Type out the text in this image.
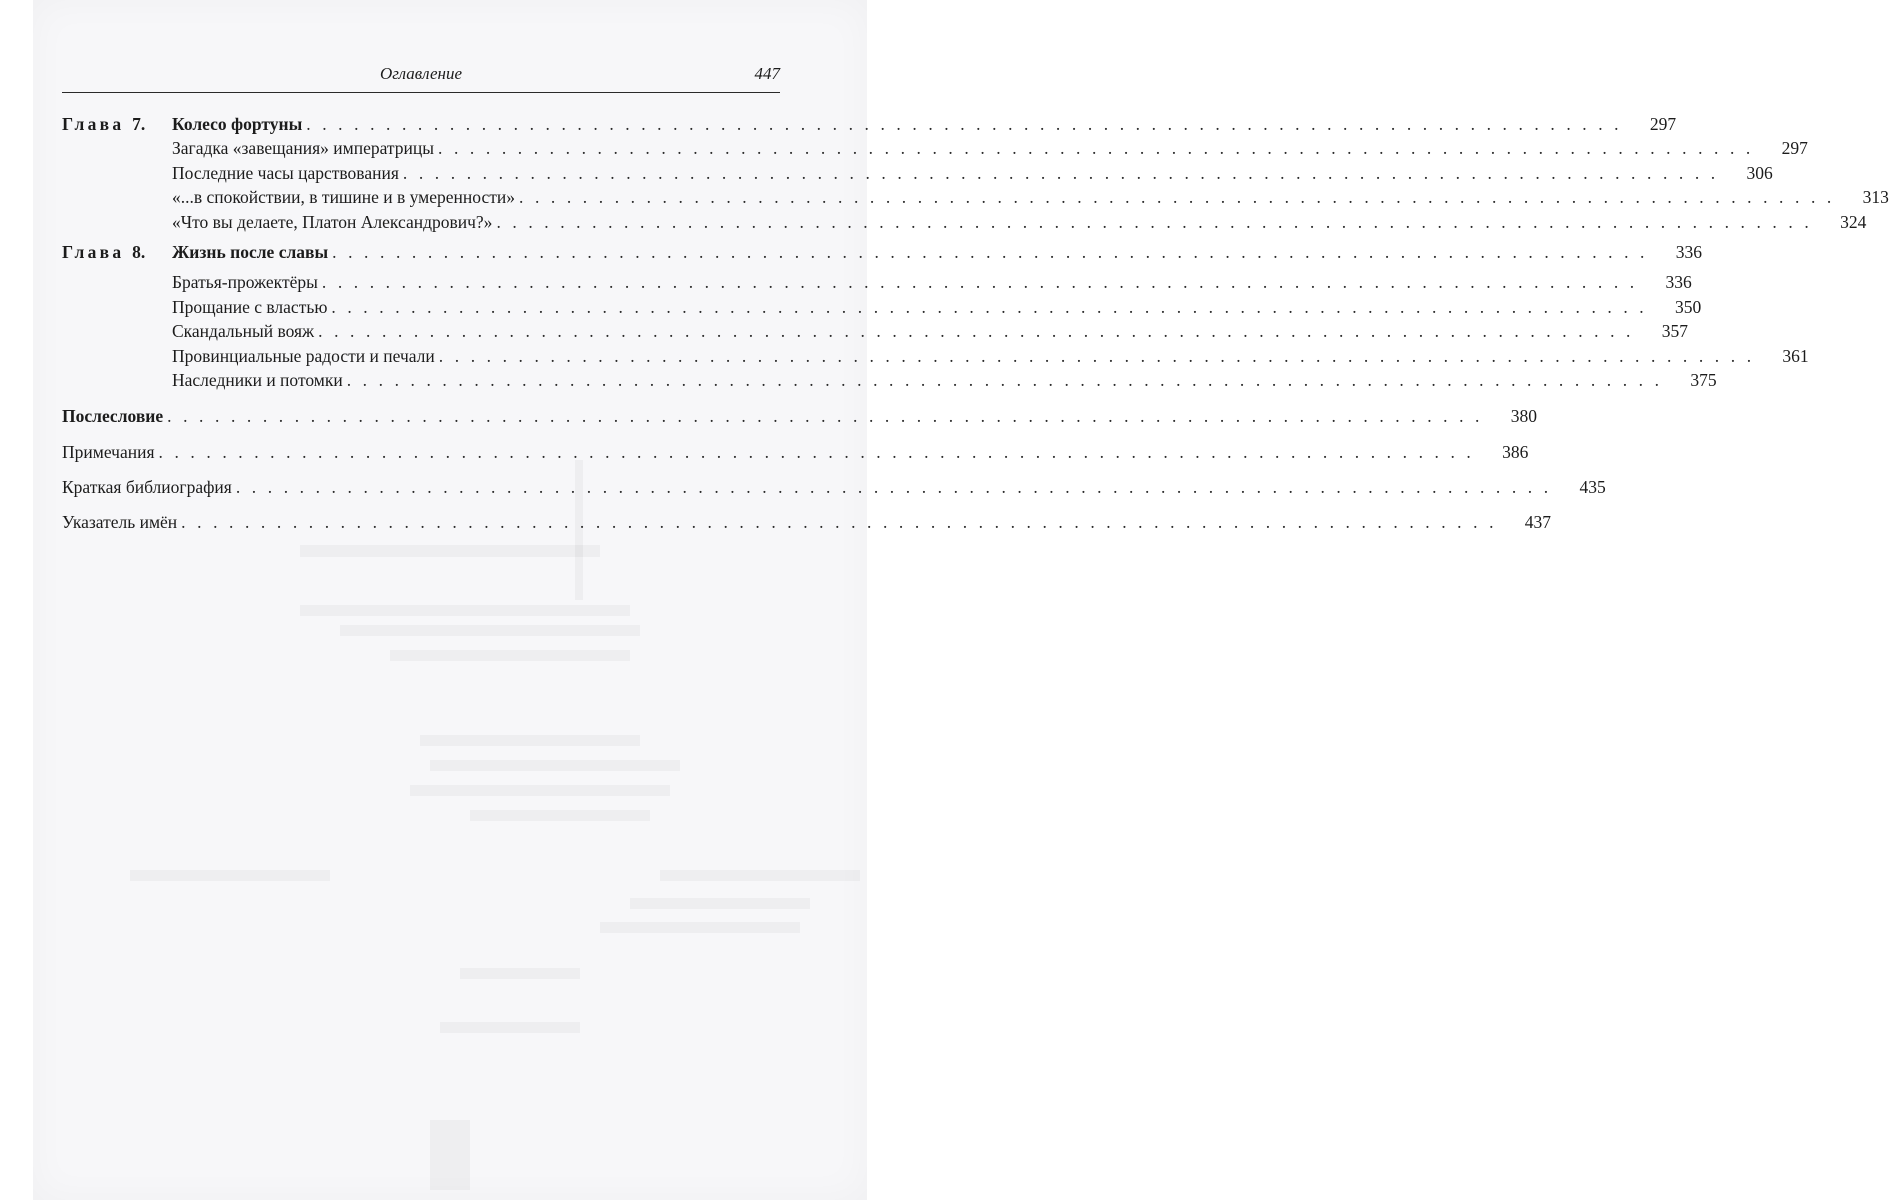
Оглавление	447
Глава 7.	Колесо фортуны . . . . . . . . . . . . . . . . . . . . . . . . . . . . . . . . . . . . . . . . . . . . . . . . . . . . . . . . . . . . . . . . . . . . . . . . . . . . . . . . . . .	297
Загадка «завещания» императрицы . . . . . . . . . . . . . . . . . . . . . . . . . . . . . . . . . . . . . . . . . . . . . . . . . . . . . . . . . . . . . . . . . . . . . . . . . . . . . . . . . . .	297
Последние часы царствования . . . . . . . . . . . . . . . . . . . . . . . . . . . . . . . . . . . . . . . . . . . . . . . . . . . . . . . . . . . . . . . . . . . . . . . . . . . . . . . . . . .	306
«...в спокойствии, в тишине и в умеренности» . . . . . . . . . . . . . . . . . . . . . . . . . . . . . . . . . . . . . . . . . . . . . . . . . . . . . . . . . . . . . . . . . . . . . . . . . . . . . . . . . . .	313
«Что вы делаете, Платон Александрович?» . . . . . . . . . . . . . . . . . . . . . . . . . . . . . . . . . . . . . . . . . . . . . . . . . . . . . . . . . . . . . . . . . . . . . . . . . . . . . . . . . . .	324
Глава 8.	Жизнь после славы . . . . . . . . . . . . . . . . . . . . . . . . . . . . . . . . . . . . . . . . . . . . . . . . . . . . . . . . . . . . . . . . . . . . . . . . . . . . . . . . . . .	336
Братья-прожектёры . . . . . . . . . . . . . . . . . . . . . . . . . . . . . . . . . . . . . . . . . . . . . . . . . . . . . . . . . . . . . . . . . . . . . . . . . . . . . . . . . . .	336
Прощание с властью . . . . . . . . . . . . . . . . . . . . . . . . . . . . . . . . . . . . . . . . . . . . . . . . . . . . . . . . . . . . . . . . . . . . . . . . . . . . . . . . . . .	350
Скандальный вояж . . . . . . . . . . . . . . . . . . . . . . . . . . . . . . . . . . . . . . . . . . . . . . . . . . . . . . . . . . . . . . . . . . . . . . . . . . . . . . . . . . .	357
Провинциальные радости и печали . . . . . . . . . . . . . . . . . . . . . . . . . . . . . . . . . . . . . . . . . . . . . . . . . . . . . . . . . . . . . . . . . . . . . . . . . . . . . . . . . . .	361
Наследники и потомки . . . . . . . . . . . . . . . . . . . . . . . . . . . . . . . . . . . . . . . . . . . . . . . . . . . . . . . . . . . . . . . . . . . . . . . . . . . . . . . . . . .	375
Послесловие . . . . . . . . . . . . . . . . . . . . . . . . . . . . . . . . . . . . . . . . . . . . . . . . . . . . . . . . . . . . . . . . . . . . . . . . . . . . . . . . . . .	380
Примечания . . . . . . . . . . . . . . . . . . . . . . . . . . . . . . . . . . . . . . . . . . . . . . . . . . . . . . . . . . . . . . . . . . . . . . . . . . . . . . . . . . .	386
Краткая библиография . . . . . . . . . . . . . . . . . . . . . . . . . . . . . . . . . . . . . . . . . . . . . . . . . . . . . . . . . . . . . . . . . . . . . . . . . . . . . . . . . . .	435
Указатель имён . . . . . . . . . . . . . . . . . . . . . . . . . . . . . . . . . . . . . . . . . . . . . . . . . . . . . . . . . . . . . . . . . . . . . . . . . . . . . . . . . . .	437
